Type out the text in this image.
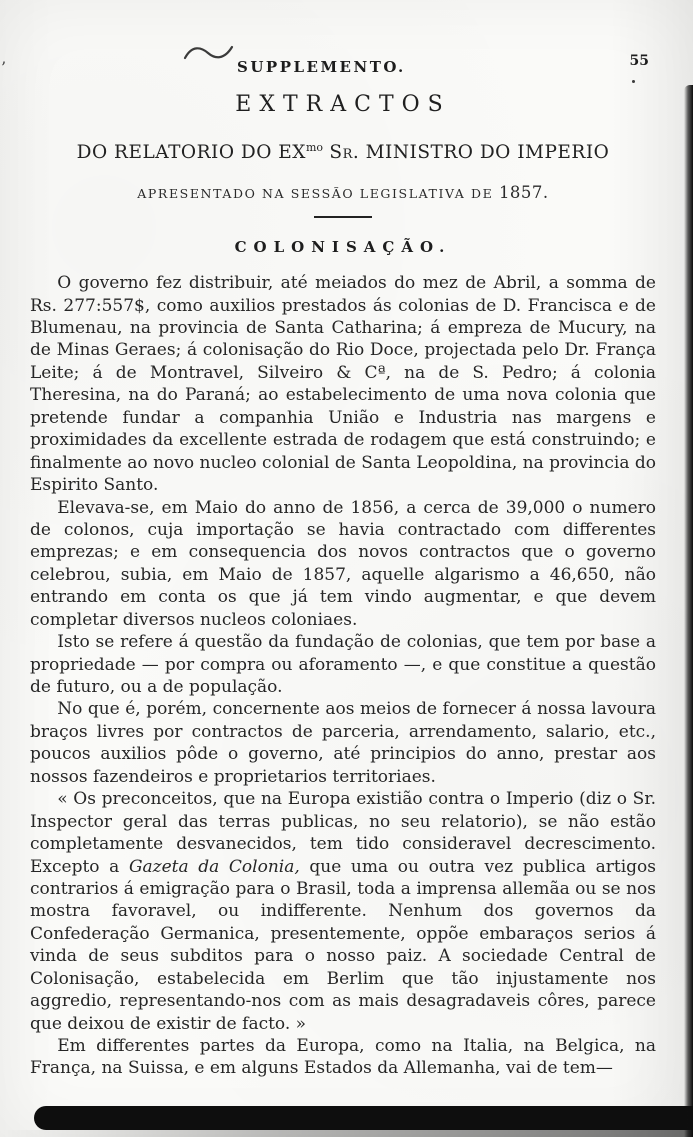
’	SUPPLEMENTO.	55
EXTRACTOS
DO RELATORIO DO $EX^{mo}$ Sr. MINISTRO DO IMPERIO
APRESENTADO NA SESSÃO LEGISLATIVA DE 1857.
COLONISAÇÃO.

O governo fez distribuir, até meiados do mez de Abril, a somma de Rs. 277:557$, como auxilios prestados ás colonias de D. Francisca e de Blumenau, na provincia de Santa Catharina; á empreza de Mucury, na de Minas Geraes; á colonisação do Rio Doce, projectada pelo Dr. França Leite; á de Montravel, Silveiro & Cª, na de S. Pedro; á colonia Theresina, na do Paraná; ao estabelecimento de uma nova colonia que pretende fundar a companhia União e Industria nas margens e proximidades da excellente estrada de rodagem que está construindo; e finalmente ao novo nucleo colonial de Santa Leopoldina, na provincia do Espirito Santo.

Elevava-se, em Maio do anno de 1856, a cerca de 39,000 o numero de colonos, cuja importação se havia contractado com differentes emprezas; e em consequencia dos novos contractos que o governo celebrou, subia, em Maio de 1857, aquelle algarismo a 46,650, não entrando em conta os que já tem vindo augmentar, e que devem completar diversos nucleos coloniaes.

Isto se refere á questão da fundação de colonias, que tem por base a propriedade — por compra ou aforamento —, e que constitue a questão de futuro, ou a de população.

No que é, porém, concernente aos meios de fornecer á nossa lavoura braços livres por contractos de parceria, arrendamento, salario, etc., poucos auxilios pôde o governo, até principios do anno, prestar aos nossos fazendeiros e proprietarios territoriaes.

« Os preconceitos, que na Europa existião contra o Imperio (diz o Sr. Inspector geral das terras publicas, no seu relatorio), se não estão completamente desvanecidos, tem tido consideravel decrescimento. Excepto a Gazeta da Colonia, que uma ou outra vez publica artigos contrarios á emigração para o Brasil, toda a imprensa allemãa ou se nos mostra favoravel, ou indifferente. Nenhum dos governos da Confederação Germanica, presentemente, oppõe embaraços serios á vinda de seus subditos para o nosso paiz. A sociedade Central de Colonisação, estabelecida em Berlim que tão injustamente nos aggredio, representando-nos com as mais desagradaveis côres, parece que deixou de existir de facto. »

Em differentes partes da Europa, como na Italia, na Belgica, na França, na Suissa, e em alguns Estados da Allemanha, vai de tem—
